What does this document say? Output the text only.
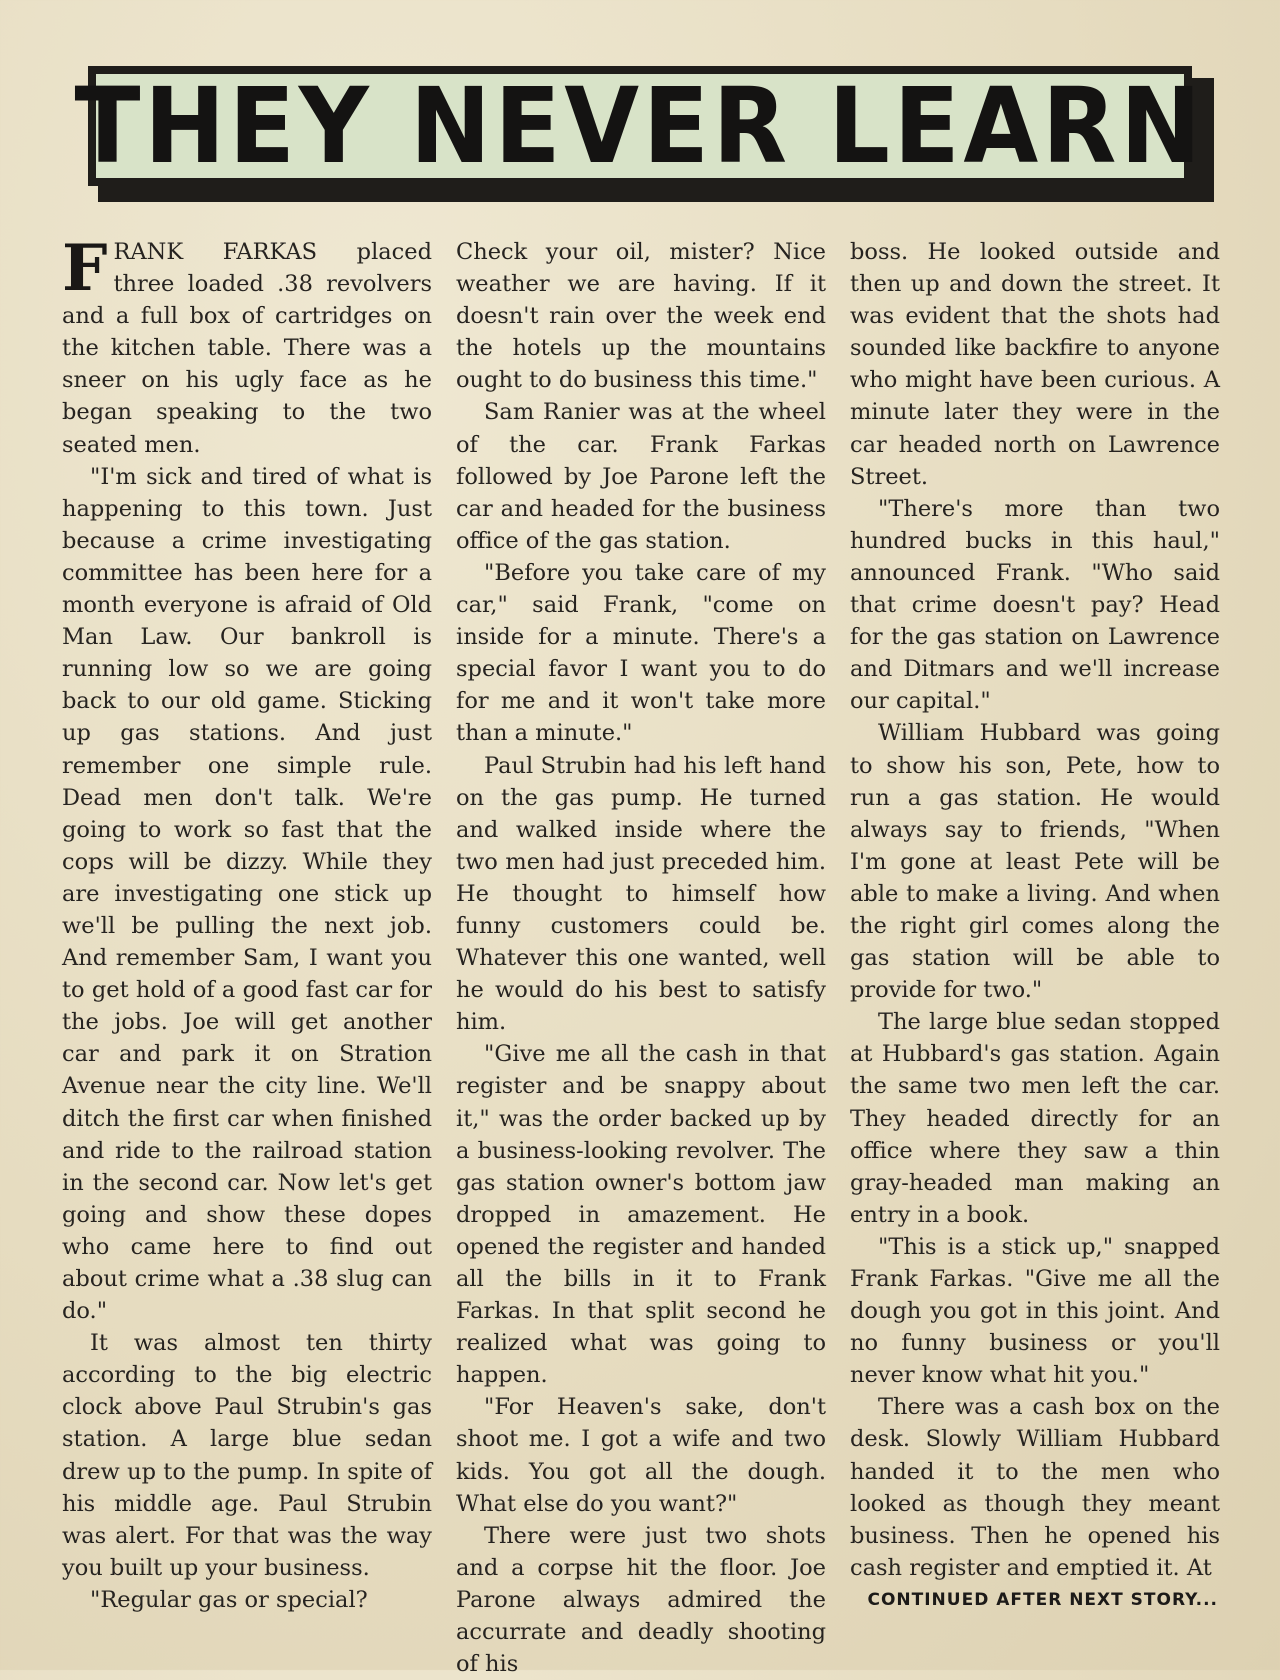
THEY NEVER LEARN

FRANK FARKAS placed three loaded .38 revolvers and a full box of cartridges on the kitchen table. There was a sneer on his ugly face as he began speaking to the two seated men.

"I'm sick and tired of what is happening to this town. Just because a crime investigating committee has been here for a month everyone is afraid of Old Man Law. Our bankroll is running low so we are going back to our old game. Sticking up gas stations. And just remember one simple rule. Dead men don't talk. We're going to work so fast that the cops will be dizzy. While they are investigating one stick up we'll be pulling the next job. And remember Sam, I want you to get hold of a good fast car for the jobs. Joe will get another car and park it on Stration Avenue near the city line. We'll ditch the first car when finished and ride to the railroad station in the second car. Now let's get going and show these dopes who came here to find out about crime what a .38 slug can do."

It was almost ten thirty according to the big electric clock above Paul Strubin's gas station. A large blue sedan drew up to the pump. In spite of his middle age. Paul Strubin was alert. For that was the way you built up your business.

"Regular gas or special?

Check your oil, mister? Nice weather we are having. If it doesn't rain over the week end the hotels up the mountains ought to do business this time."

Sam Ranier was at the wheel of the car. Frank Farkas followed by Joe Parone left the car and headed for the business office of the gas station.

"Before you take care of my car," said Frank, "come on inside for a minute. There's a special favor I want you to do for me and it won't take more than a minute."

Paul Strubin had his left hand on the gas pump. He turned and walked inside where the two men had just preceded him. He thought to himself how funny customers could be. Whatever this one wanted, well he would do his best to satisfy him.

"Give me all the cash in that register and be snappy about it," was the order backed up by a business-looking revolver. The gas station owner's bottom jaw dropped in amazement. He opened the register and handed all the bills in it to Frank Farkas. In that split second he realized what was going to happen.

"For Heaven's sake, don't shoot me. I got a wife and two kids. You got all the dough. What else do you want?"

There were just two shots and a corpse hit the floor. Joe Parone always admired the accurrate and deadly shooting of his

boss. He looked outside and then up and down the street. It was evident that the shots had sounded like backfire to anyone who might have been curious. A minute later they were in the car headed north on Lawrence Street.

"There's more than two hundred bucks in this haul," announced Frank. "Who said that crime doesn't pay? Head for the gas station on Lawrence and Ditmars and we'll increase our capital."

William Hubbard was going to show his son, Pete, how to run a gas station. He would always say to friends, "When I'm gone at least Pete will be able to make a living. And when the right girl comes along the gas station will be able to provide for two."

The large blue sedan stopped at Hubbard's gas station. Again the same two men left the car. They headed directly for an office where they saw a thin gray-headed man making an entry in a book.

"This is a stick up," snapped Frank Farkas. "Give me all the dough you got in this joint. And no funny business or you'll never know what hit you."

There was a cash box on the desk. Slowly William Hubbard handed it to the men who looked as though they meant business. Then he opened his cash register and emptied it. At

CONTINUED AFTER NEXT STORY...
